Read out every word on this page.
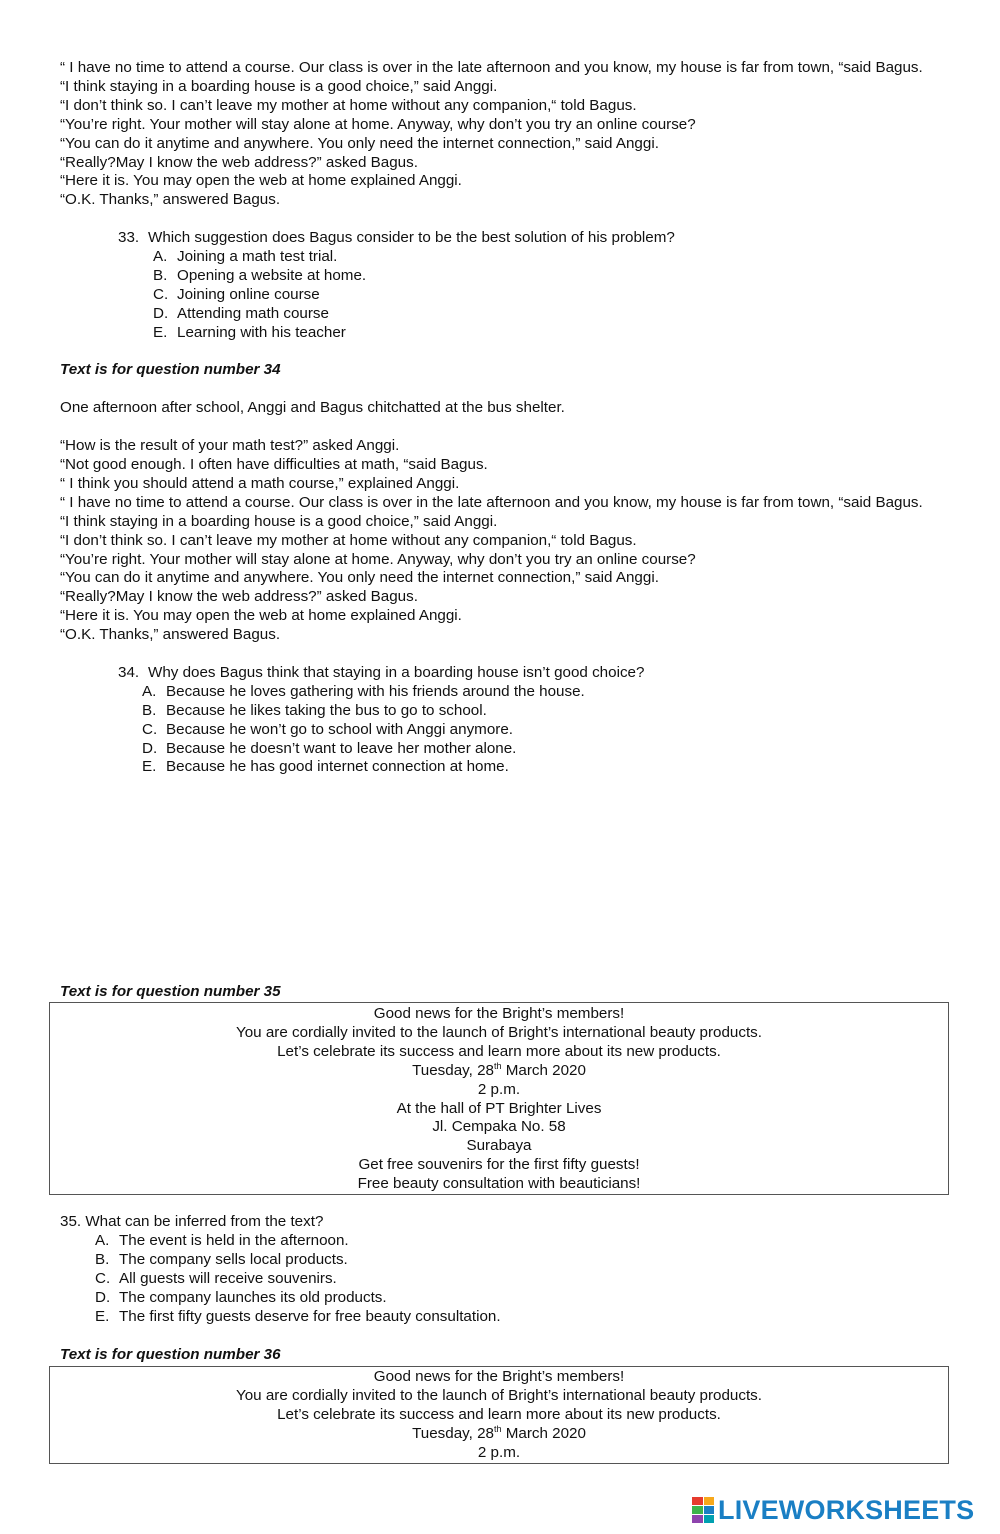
“ I have no time to attend a course. Our class is over in the late afternoon and you know, my house is far from town, “said Bagus.

“I think staying in a boarding house is a good choice,” said Anggi.

“I don’t think so. I can’t leave my mother at home without any companion,“ told Bagus.

“You’re right. Your mother will stay alone at home. Anyway, why don’t you try an online course?

“You can do it anytime and anywhere. You only need the internet connection,” said Anggi.

“Really?May I know the web address?” asked Bagus.

“Here it is. You may open the web at home explained Anggi.

“O.K. Thanks,” answered Bagus.

33. Which suggestion does Bagus consider to be the best solution of his problem?

A. Joining a math test trial.
B. Opening a website at home.
C. Joining online course
D. Attending math course
E. Learning with his teacher

Text is for question number 34

One afternoon after school, Anggi and Bagus chitchatted at the bus shelter.

“How is the result of your math test?” asked Anggi.

“Not good enough. I often have difficulties at math, “said Bagus.

“ I think you should attend a math course,” explained Anggi.

“ I have no time to attend a course. Our class is over in the late afternoon and you know, my house is far from town, “said Bagus.

“I think staying in a boarding house is a good choice,” said Anggi.

“I don’t think so. I can’t leave my mother at home without any companion,“ told Bagus.

“You’re right. Your mother will stay alone at home. Anyway, why don’t you try an online course?

“You can do it anytime and anywhere. You only need the internet connection,” said Anggi.

“Really?May I know the web address?” asked Bagus.

“Here it is. You may open the web at home explained Anggi.

“O.K. Thanks,” answered Bagus.

34. Why does Bagus think that staying in a boarding house isn’t good choice?

A. Because he loves gathering with his friends around the house.
B. Because he likes taking the bus to go to school.
C. Because he won’t go to school with Anggi anymore.
D. Because he doesn’t want to leave her mother alone.
E. Because he has good internet connection at home.

Text is for question number 35

Good news for the Bright’s members!

You are cordially invited to the launch of Bright’s international beauty products.

Let’s celebrate its success and learn more about its new products.

Tuesday, 28th March 2020

2 p.m.

At the hall of PT Brighter Lives

Jl. Cempaka No. 58

Surabaya

Get free souvenirs for the first fifty guests!

Free beauty consultation with beauticians!

35. What can be inferred from the text?

A. The event is held in the afternoon.
B. The company sells local products.
C. All guests will receive souvenirs.
D. The company launches its old products.
E. The first fifty guests deserve for free beauty consultation.

Text is for question number 36

Good news for the Bright’s members!

You are cordially invited to the launch of Bright’s international beauty products.

Let’s celebrate its success and learn more about its new products.

Tuesday, 28th March 2020

2 p.m.

LIVEWORKSHEETS
